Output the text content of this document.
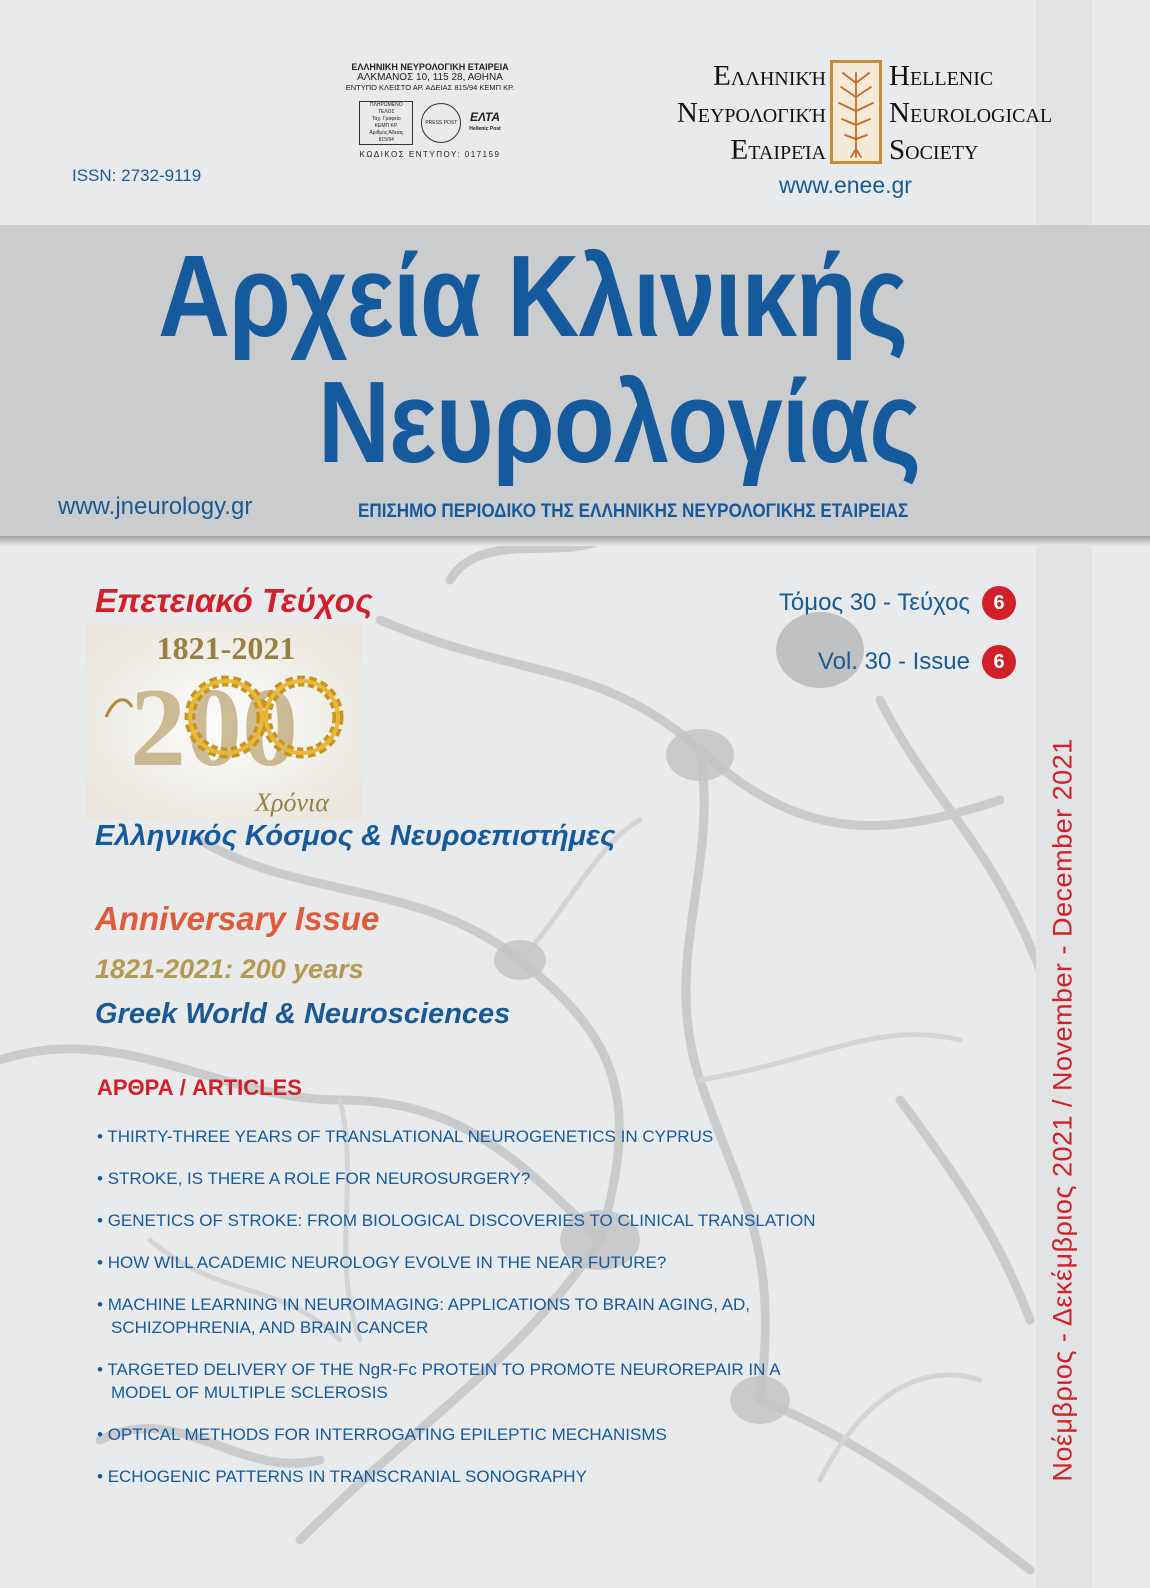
ISSN: 2732-9119
ΕΛΛΗΝΙΚΗ ΝΕΥΡΟΛΟΓΙΚΗ ΕΤΑΙΡΕΙΑ
ΑΛΚΜΑΝΟΣ 10, 115 28, ΑΘΗΝΑ
ΕΝΤΥΠΟ ΚΛΕΙΣΤΟ ΑΡ. ΑΔΕΙΑΣ 815/94 ΚΕΜΠ ΚΡ.
ΠΛΗΡΩΜΕΝΟ
ΤΕΛΟΣ
Ταχ. Γραφείο
ΚΕΜΠ ΚΡ.
Αριθμός Άδειας
815/94
PRESS POST ΕΛΤΑ
Hellenic Post
ΚΩΔΙΚΟΣ ΕΝΤΥΠΟΥ: 017159
Ελληνική
Νευρολογική
Εταιρεία
Hellenic
Neurological
Society
www.enee.gr
Αρχεία Κλινικής
Νευρολογίας
www.jneurology.gr	ΕΠΙΣΗΜΟ ΠΕΡΙΟΔΙΚΟ ΤΗΣ ΕΛΛΗΝΙΚΗΣ ΝΕΥΡΟΛΟΓΙΚΗΣ ΕΤΑΙΡΕΙΑΣ
Τόμος 30 - Τεύχος	6
Vol. 30 - Issue	6
Νοέμβριος - Δεκέμβριος 2021 / November - December 2021
Επετειακό Τεύχος
1821-2021
200
Χρόνια
Ελληνικός Κόσμος & Νευροεπιστήμες
Anniversary Issue
1821-2021: 200 years
Greek World & Neurosciences
ΑΡΘΡΑ / ARTICLES
• THIRTY-THREE YEARS OF TRANSLATIONAL NEUROGENETICS IN CYPRUS
• STROKE, IS THERE A ROLE FOR NEUROSURGERY?
• GENETICS OF STROKE: FROM BIOLOGICAL DISCOVERIES TO CLINICAL TRANSLATION
• HOW WILL ACADEMIC NEUROLOGY EVOLVE IN THE NEAR FUTURE?
• MACHINE LEARNING IN NEUROIMAGING: APPLICATIONS TO BRAIN AGING, AD, SCHIZOPHRENIA, AND BRAIN CANCER
• TARGETED DELIVERY OF THE NgR-Fc PROTEIN TO PROMOTE NEUROREPAIR IN A MODEL OF MULTIPLE SCLEROSIS
• OPTICAL METHODS FOR INTERROGATING EPILEPTIC MECHANISMS
• ECHOGENIC PATTERNS IN TRANSCRANIAL SONOGRAPHY
